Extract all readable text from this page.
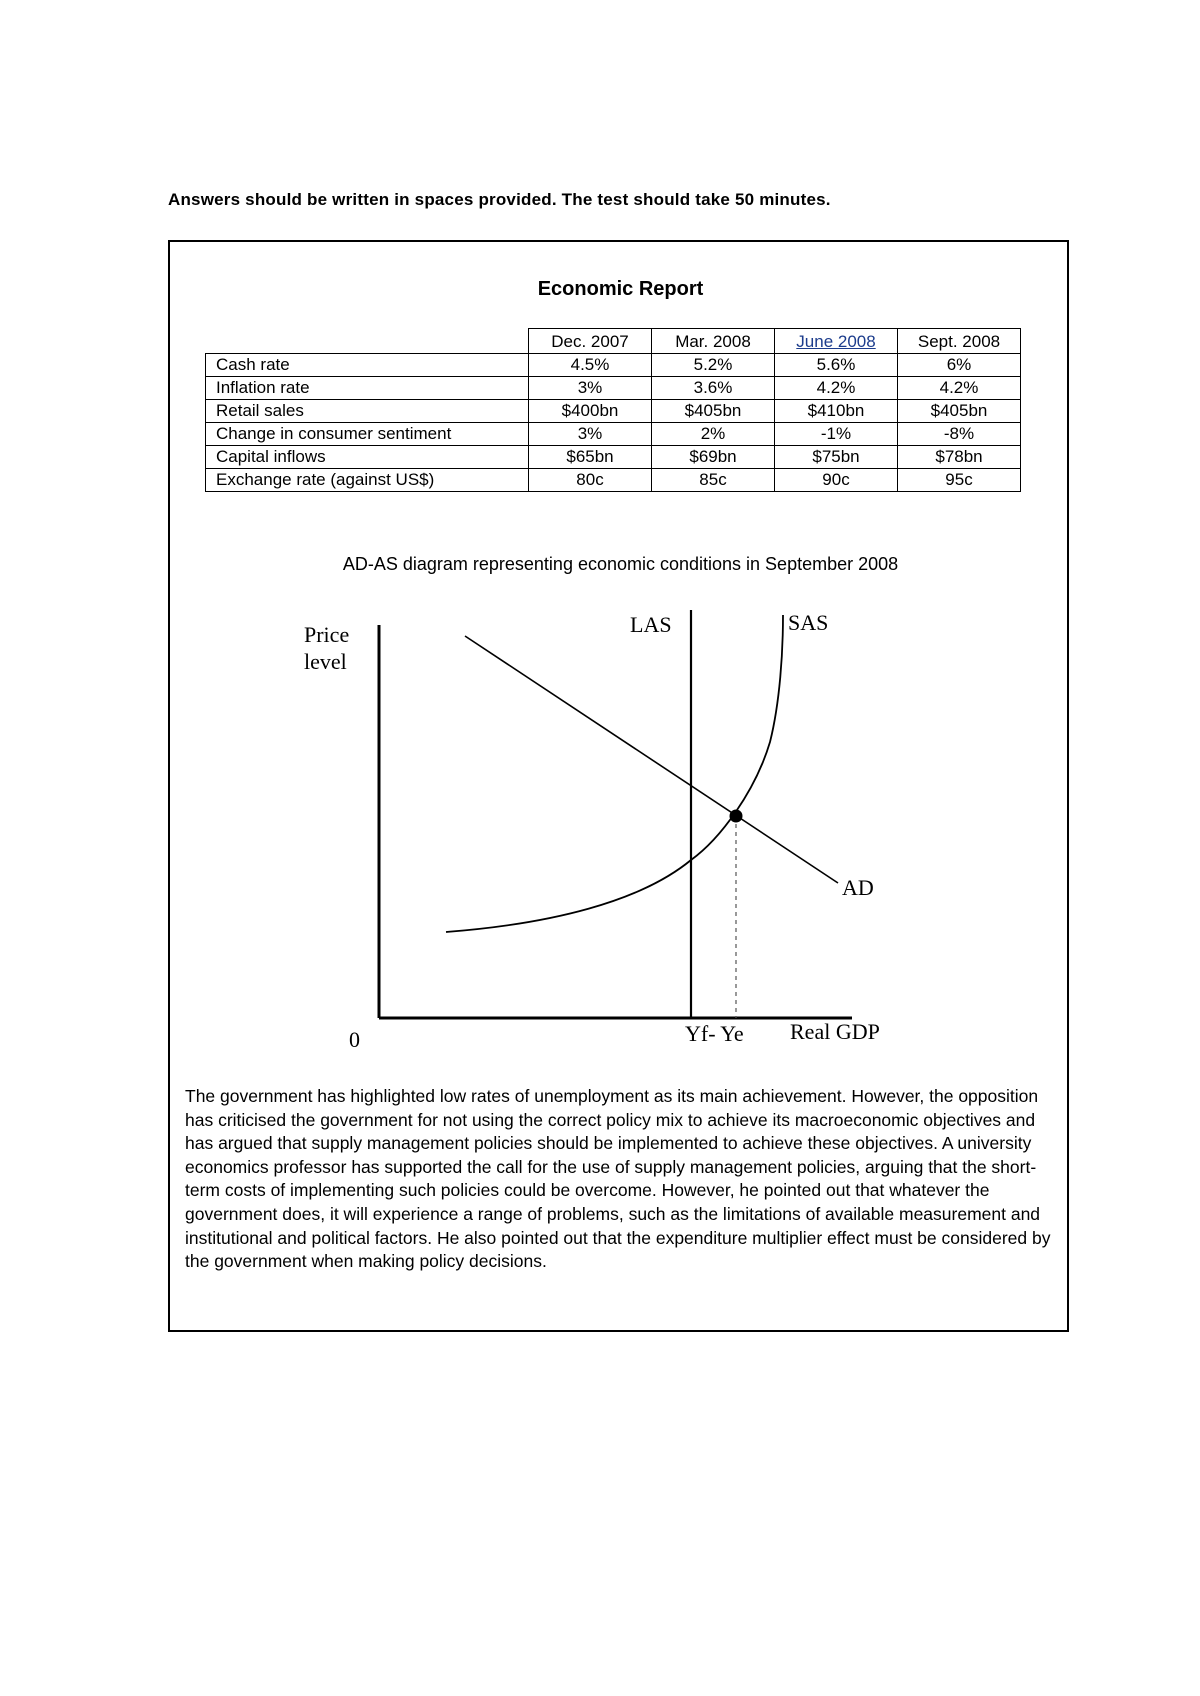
Answers should be written in spaces provided. The test should take 50 minutes.

Economic Report
	Dec. 2007	Mar. 2008	June 2008	Sept. 2008
Cash rate	4.5%	5.2%	5.6%	6%
Inflation rate	3%	3.6%	4.2%	4.2%
Retail sales	$400bn	$405bn	$410bn	$405bn
Change in consumer sentiment	3%	2%	-1%	-8%
Capital inflows	$65bn	$69bn	$75bn	$78bn
Exchange rate (against US$)	80c	85c	90c	95c

AD-AS diagram representing economic conditions in September 2008

Price
level
LAS	SAS
AD
0	Yf- Ye Real GDP

The government has highlighted low rates of unemployment as its main achievement. However, the opposition has criticised the government for not using the correct policy mix to achieve its macroeconomic objectives and has argued that supply management policies should be implemented to achieve these objectives. A university economics professor has supported the call for the use of supply management policies, arguing that the short-term costs of implementing such policies could be overcome. However, he pointed out that whatever the government does, it will experience a range of problems, such as the limitations of available measurement and institutional and political factors. He also pointed out that the expenditure multiplier effect must be considered by the government when making policy decisions.
